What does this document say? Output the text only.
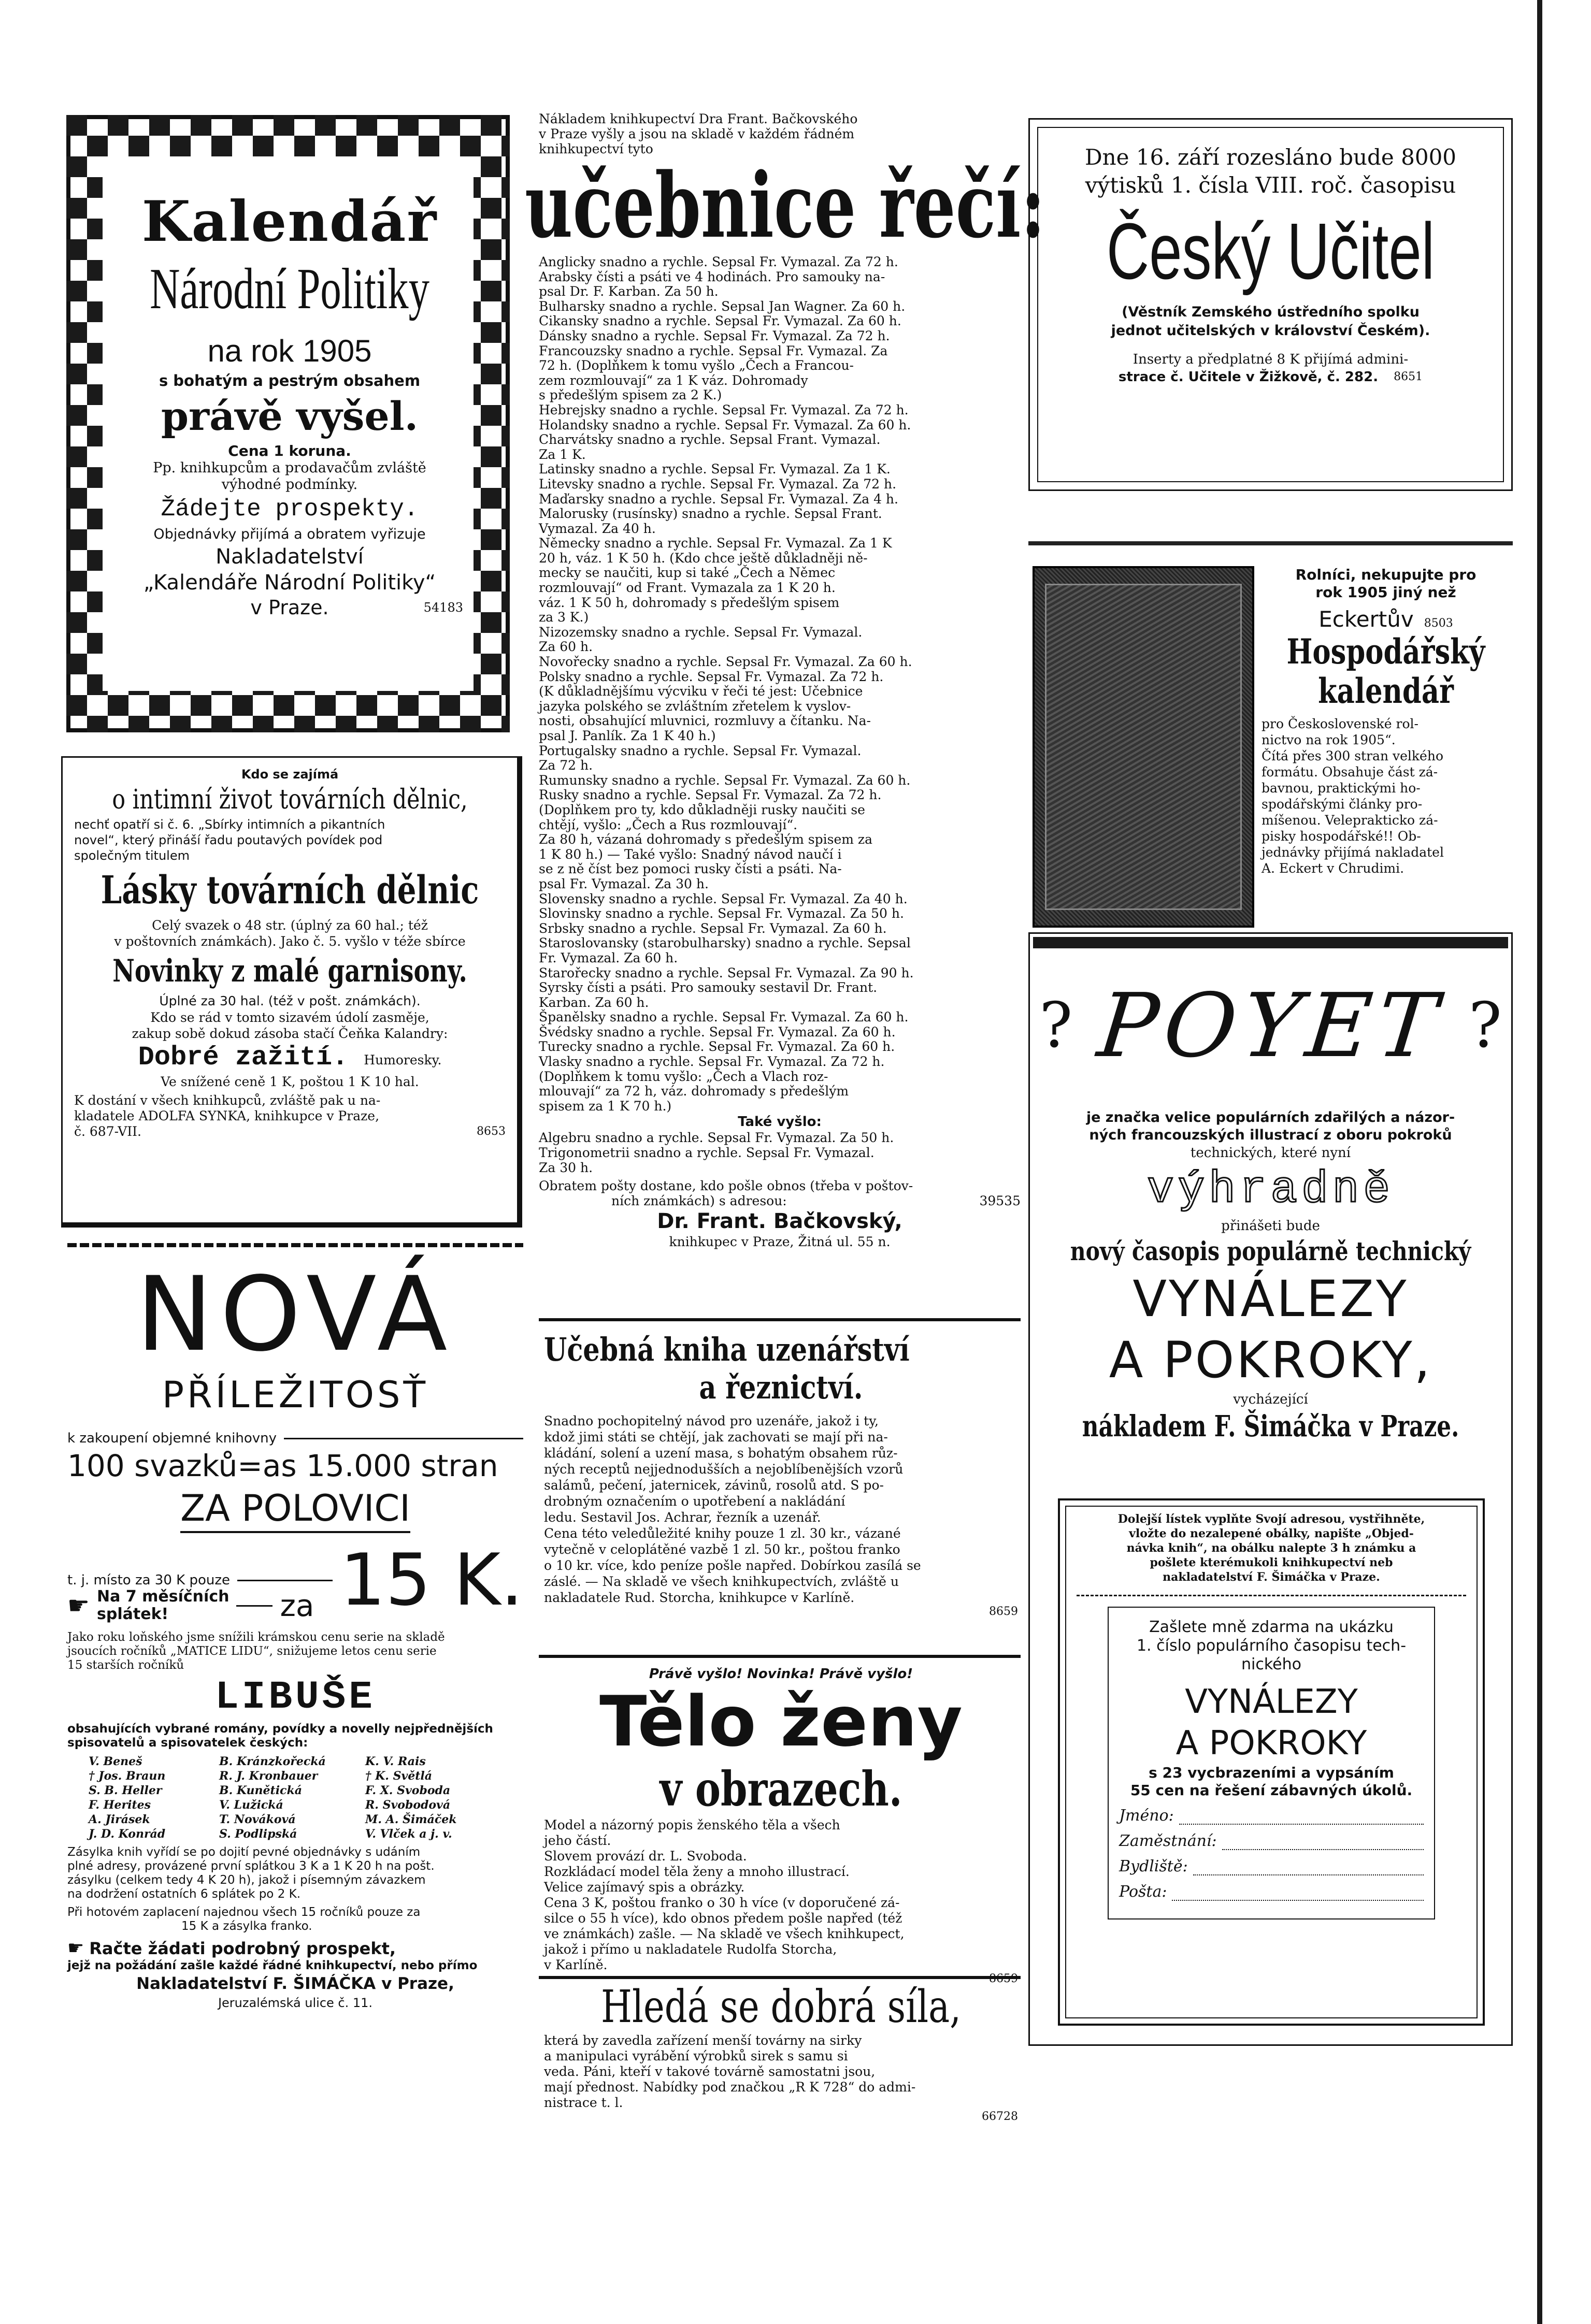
Kalendář
Národní Politiky
na rok 1905
s bohatým a pestrým obsahem
právě vyšel.
Cena 1 koruna.
Pp. knihkupcům a prodavačům zvláště
výhodné podmínky.
Žádejte prospekty.
Objednávky přijímá a obratem vyřizuje
Nakladatelství
„Kalendáře Národní Politiky“
v Praze.	54183
Kdo se zajímá
o intimní život továrních dělnic,
nechť opatří si č. 6. „Sbírky intimních a pikantních
novel“, který přináší řadu poutavých povídek pod
společným titulem
Lásky továrních dělnic
Celý svazek o 48 str. (úplný za 60 hal.; též
v poštovních známkách). Jako č. 5. vyšlo v téže sbírce
Novinky z malé garnisony.
Úplné za 30 hal. (též v pošt. známkách).
Kdo se rád v tomto sizavém údolí zasměje,
zakup sobě dokud zásoba stačí Čeňka Kalandry:
Dobré zažití. Humoresky.
Ve snížené ceně 1 K, poštou 1 K 10 hal.
K dostání v všech knihkupců, zvláště pak u na-
kladatele ADOLFA SYNKA, knihkupce v Praze,
č. 687-VII.	8653
NOVÁ
PŘÍLEŽITOSŤ
k zakoupení objemné knihovny
100 svazků=as 15.000 stran
ZA POLOVICI
t. j. místo za 30 K pouze 15 K.
☛ Na 7 měsíčních
splátek!	za
Jako roku loňského jsme snížili krámskou cenu serie na skladě
jsoucích ročníků „MATICE LIDU“, snižujeme letos cenu serie
15 starších ročníků
LIBUŠE
obsahujících vybrané romány, povídky a novelly nejpřednějších
spisovatelů a spisovatelek českých:
V. Beneš	B. Kránzkořecká	K. V. Rais
† Jos. Braun	R. J. Kronbauer	† K. Světlá
S. B. Heller	B. Kunětická	F. X. Svoboda
F. Herites	V. Lužická	R. Svobodová
A. Jirásek	T. Nováková	M. A. Šimáček
J. D. Konrád	S. Podlipská	V. Vlček a j. v.
Zásylka knih vyřídí se po dojití pevné objednávky s udáním
plné adresy, provázené první splátkou 3 K a 1 K 20 h na pošt.
zásylku (celkem tedy 4 K 20 h), jakož i písemným závazkem
na dodržení ostatních 6 splátek po 2 K.
Při hotovém zaplacení najednou všech 15 ročníků pouze za
15 K a zásylka franko.
☛ Račte žádati podrobný prospekt,
jejž na požádání zašle každé řádné knihkupectví, nebo přímo
Nakladatelství F. ŠIMÁČKA v Praze,
Jeruzalémská ulice č. 11.
Nákladem knihkupectví Dra Frant. Bačkovského
v Praze vyšly a jsou na skladě v každém řádném
knihkupectví tyto
učebnice řečí:
Anglicky snadno a rychle. Sepsal Fr. Vymazal. Za 72 h.
Arabsky čísti a psáti ve 4 hodinách. Pro samouky na-
psal Dr. F. Karban. Za 50 h.
Bulharsky snadno a rychle. Sepsal Jan Wagner. Za 60 h.
Cikansky snadno a rychle. Sepsal Fr. Vymazal. Za 60 h.
Dánsky snadno a rychle. Sepsal Fr. Vymazal. Za 72 h.
Francouzsky snadno a rychle. Sepsal Fr. Vymazal. Za
72 h. (Doplňkem k tomu vyšlo „Čech a Francou-
zem rozmlouvají“ za 1 K váz. Dohromady
s předešlým spisem za 2 K.)
Hebrejsky snadno a rychle. Sepsal Fr. Vymazal. Za 72 h.
Holandsky snadno a rychle. Sepsal Fr. Vymazal. Za 60 h.
Charvátsky snadno a rychle. Sepsal Frant. Vymazal.
Za 1 K.
Latinsky snadno a rychle. Sepsal Fr. Vymazal. Za 1 K.
Litevsky snadno a rychle. Sepsal Fr. Vymazal. Za 72 h.
Maďarsky snadno a rychle. Sepsal Fr. Vymazal. Za 4 h.
Malorusky (rusínsky) snadno a rychle. Sepsal Frant.
Vymazal. Za 40 h.
Německy snadno a rychle. Sepsal Fr. Vymazal. Za 1 K
20 h, váz. 1 K 50 h. (Kdo chce ještě důkladněji ně-
mecky se naučiti, kup si také „Čech a Němec
rozmlouvají“ od Frant. Vymazala za 1 K 20 h.
váz. 1 K 50 h, dohromady s předešlým spisem
za 3 K.)
Nizozemsky snadno a rychle. Sepsal Fr. Vymazal.
Za 60 h.
Novořecky snadno a rychle. Sepsal Fr. Vymazal. Za 60 h.
Polsky snadno a rychle. Sepsal Fr. Vymazal. Za 72 h.
(K důkladnějšímu výcviku v řeči té jest: Učebnice
jazyka polského se zvláštním zřetelem k vyslov-
nosti, obsahující mluvnici, rozmluvy a čítanku. Na-
psal J. Panlík. Za 1 K 40 h.)
Portugalsky snadno a rychle. Sepsal Fr. Vymazal.
Za 72 h.
Rumunsky snadno a rychle. Sepsal Fr. Vymazal. Za 60 h.
Rusky snadno a rychle. Sepsal Fr. Vymazal. Za 72 h.
(Doplňkem pro ty, kdo důkladněji rusky naučiti se
chtějí, vyšlo: „Čech a Rus rozmlouvají“.
Za 80 h, vázaná dohromady s předešlým spisem za
1 K 80 h.) — Také vyšlo: Snadný návod naučí i
se z ně číst bez pomoci rusky čísti a psáti. Na-
psal Fr. Vymazal. Za 30 h.
Slovensky snadno a rychle. Sepsal Fr. Vymazal. Za 40 h.
Slovinsky snadno a rychle. Sepsal Fr. Vymazal. Za 50 h.
Srbsky snadno a rychle. Sepsal Fr. Vymazal. Za 60 h.
Staroslovansky (starobulharsky) snadno a rychle. Sepsal
Fr. Vymazal. Za 60 h.
Starořecky snadno a rychle. Sepsal Fr. Vymazal. Za 90 h.
Syrsky čísti a psáti. Pro samouky sestavil Dr. Frant.
Karban. Za 60 h.
Španělsky snadno a rychle. Sepsal Fr. Vymazal. Za 60 h.
Švédsky snadno a rychle. Sepsal Fr. Vymazal. Za 60 h.
Turecky snadno a rychle. Sepsal Fr. Vymazal. Za 60 h.
Vlasky snadno a rychle. Sepsal Fr. Vymazal. Za 72 h.
(Doplňkem k tomu vyšlo: „Čech a Vlach roz-
mlouvají“ za 72 h, váz. dohromady s předešlým
spisem za 1 K 70 h.)
Také vyšlo:
Algebru snadno a rychle. Sepsal Fr. Vymazal. Za 50 h.
Trigonometrii snadno a rychle. Sepsal Fr. Vymazal.
Za 30 h.
Obratem pošty dostane, kdo pošle obnos (třeba v poštov-
ních známkách) s adresou:	39535
Dr. Frant. Bačkovský,
knihkupec v Praze, Žitná ul. 55 n.
Učebná kniha uzenářství
a řeznictví.
Snadno pochopitelný návod pro uzenáře, jakož i ty,
kdož jimi státi se chtějí, jak zachovati se mají při na-
kládání, solení a uzení masa, s bohatým obsahem růz-
ných receptů nejjednodušších a nejoblíbenějších vzorů
salámů, pečení, jaternicek, závinů, rosolů atd. S po-
drobným označením o upotřebení a nakládání
ledu. Sestavil Jos. Achrar, řezník a uzenář.
Cena této veledůležité knihy pouze 1 zl. 30 kr., vázané
vytečně v celoplátěné vazbě 1 zl. 50 kr., poštou franko
o 10 kr. více, kdo peníze pošle napřed. Dobírkou zasílá se
záslé. — Na skladě ve všech knihkupectvích, zvláště u
nakladatele Rud. Storcha, knihkupce v Karlíně.
8659
Právě vyšlo! Novinka! Právě vyšlo!
Tělo ženy
v obrazech.
Model a názorný popis ženského těla a všech
jeho částí.
Slovem provází dr. L. Svoboda.
Rozkládací model těla ženy a mnoho illustrací.
Velice zajímavý spis a obrázky.
Cena 3 K, poštou franko o 30 h více (v doporučené zá-
silce o 55 h více), kdo obnos předem pošle napřed (též
ve známkách) zašle. — Na skladě ve všech knihkupect,
jakož i přímo u nakladatele Rudolfa Storcha,
v Karlíně.
Hledá se dobrá síla,
která by zavedla zařízení menší továrny na sirky
a manipulaci vyrábění výrobků sirek s samu si
veda. Páni, kteří v takové továrně samostatni jsou,
mají přednost. Nabídky pod značkou „R K 728“ do admi-
nistrace t. l.
66728
Dne 16. září rozesláno bude 8000
výtisků 1. čísla VIII. roč. časopisu
Český Učitel
(Věstník Zemského ústředního spolku
jednot učitelských v království Českém).
Inserty a předplatné 8 K přijímá admini-
strace č. Učitele v Žižkově, č. 282. 8651
Rolníci, nekupujte pro
rok 1905 jiný než
Eckertův 8503
Hospodářský
kalendář
pro Československé rol-
nictvo na rok 1905“.
Čítá přes 300 stran velkého
formátu. Obsahuje část zá-
bavnou, praktickými ho-
spodářskými články pro-
míšenou. Veleprakticko zá-
pisky hospodářské!! Ob-
jednávky přijímá nakladatel
A. Eckert v Chrudimi.
? POYET ?
je značka velice populárních zdařilých a názor-
ných francouzských illustrací z oboru pokroků
technických, které nyní
výhradně
přinášeti bude
nový časopis populárně technický
VYNÁLEZY
A POKROKY,
vycházející
nákladem F. Šimáčka v Praze.
Dolejší lístek vyplňte Svojí adresou, vystřihněte,
vložte do nezalepené obálky, napište „Objed-
návka knih“, na obálku nalepte 3 h známku a
pošlete kterémukoli knihkupectví neb
nakladatelství F. Šimáčka v Praze.
Zašlete mně zdarma na ukázku
1. číslo populárního časopisu tech-
nického
VYNÁLEZY
A POKROKY
s 23 vycbrazeními a vypsáním
55 cen na řešení zábavných úkolů.
Jméno:
Zaměstnání:
Bydliště:
Pošta:
